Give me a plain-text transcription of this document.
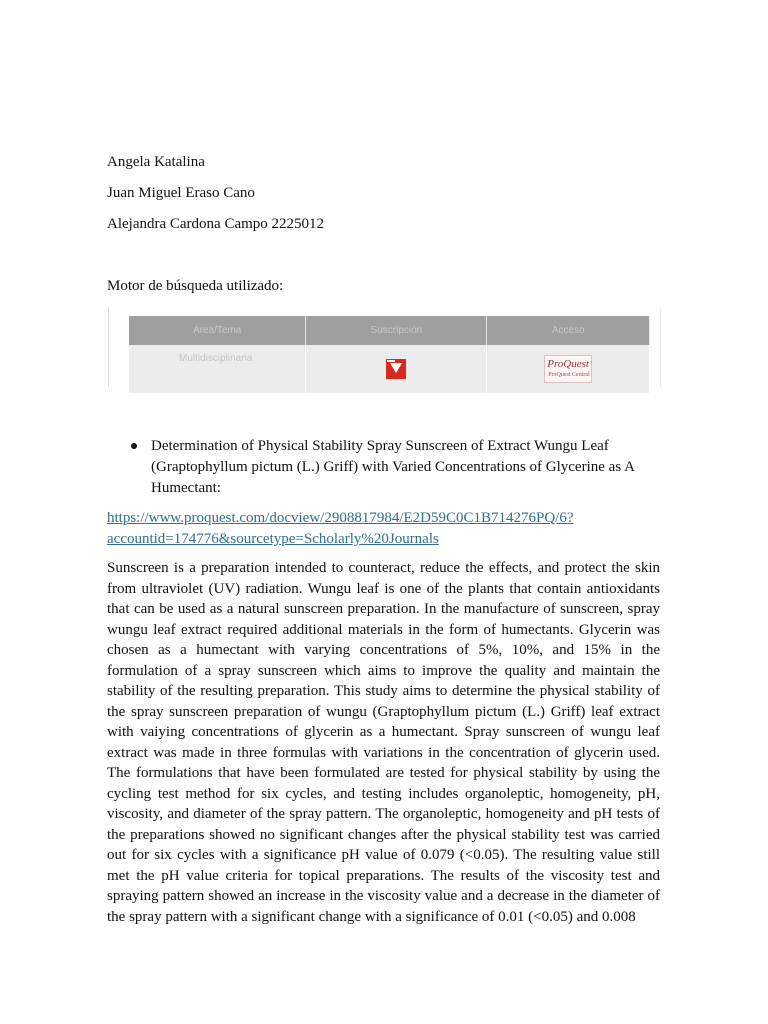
Angela Katalina
Juan Miguel Eraso Cano
Alejandra Cardona Campo 2225012
Motor de búsqueda utilizado:
Área/Tema	Suscripción	Acceso
Multidisciplinaria		ProQuest
ProQuest Central
Determination of Physical Stability Spray Sunscreen of Extract Wungu Leaf (Graptophyllum pictum (L.) Griff) with Varied Concentrations of Glycerine as A Humectant:
https://www.proquest.com/docview/2908817984/E2D59C0C1B714276PQ/6?
accountid=174776&sourcetype=Scholarly%20Journals
Sunscreen is a preparation intended to counteract, reduce the effects, and protect the skin from ultraviolet (UV) radiation. Wungu leaf is one of the plants that contain antioxidants that can be used as a natural sunscreen preparation. In the manufacture of sunscreen, spray wungu leaf extract required additional materials in the form of humectants. Glycerin was chosen as a humectant with varying concentrations of 5%, 10%, and 15% in the formulation of a spray sunscreen which aims to improve the quality and maintain the stability of the resulting preparation. This study aims to determine the physical stability of the spray sunscreen preparation of wungu (Graptophyllum pictum (L.) Griff) leaf extract with vaiying concentrations of glycerin as a humectant. Spray sunscreen of wungu leaf extract was made in three formulas with variations in the concentration of glycerin used. The formulations that have been formulated are tested for physical stability by using the cycling test method for six cycles, and testing includes organoleptic, homogeneity, pH, viscosity, and diameter of the spray pattern. The organoleptic, homogeneity and pH tests of the preparations showed no significant changes after the physical stability test was carried out for six cycles with a significance pH value of 0.079 (<0.05). The resulting value still met the pH value criteria for topical preparations. The results of the viscosity test and spraying pattern showed an increase in the viscosity value and a decrease in the diameter of the spray pattern with a significant change with a significance of 0.01 (<0.05) and 0.008
